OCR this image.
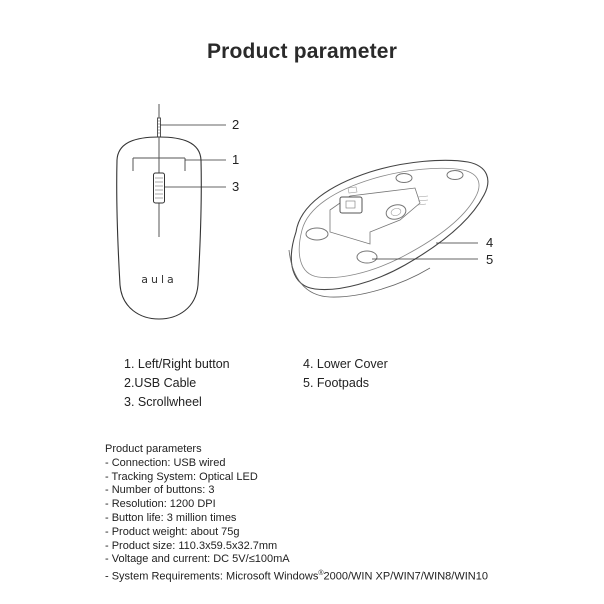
Product parameter
aula
2
1
3
4
5
1. Left/Right button
2.USB Cable
3. Scrollwheel
4. Lower Cover
5. Footpads
Product parameters
- Connection: USB wired
- Tracking System: Optical LED
- Number of buttons: 3
- Resolution: 1200 DPI
- Button life: 3 million times
- Product weight: about 75g
- Product size: 110.3x59.5x32.7mm
- Voltage and current: DC 5V/≤100mA
- System Requirements: Microsoft Windows®2000/WIN XP/WIN7/WIN8/WIN10
